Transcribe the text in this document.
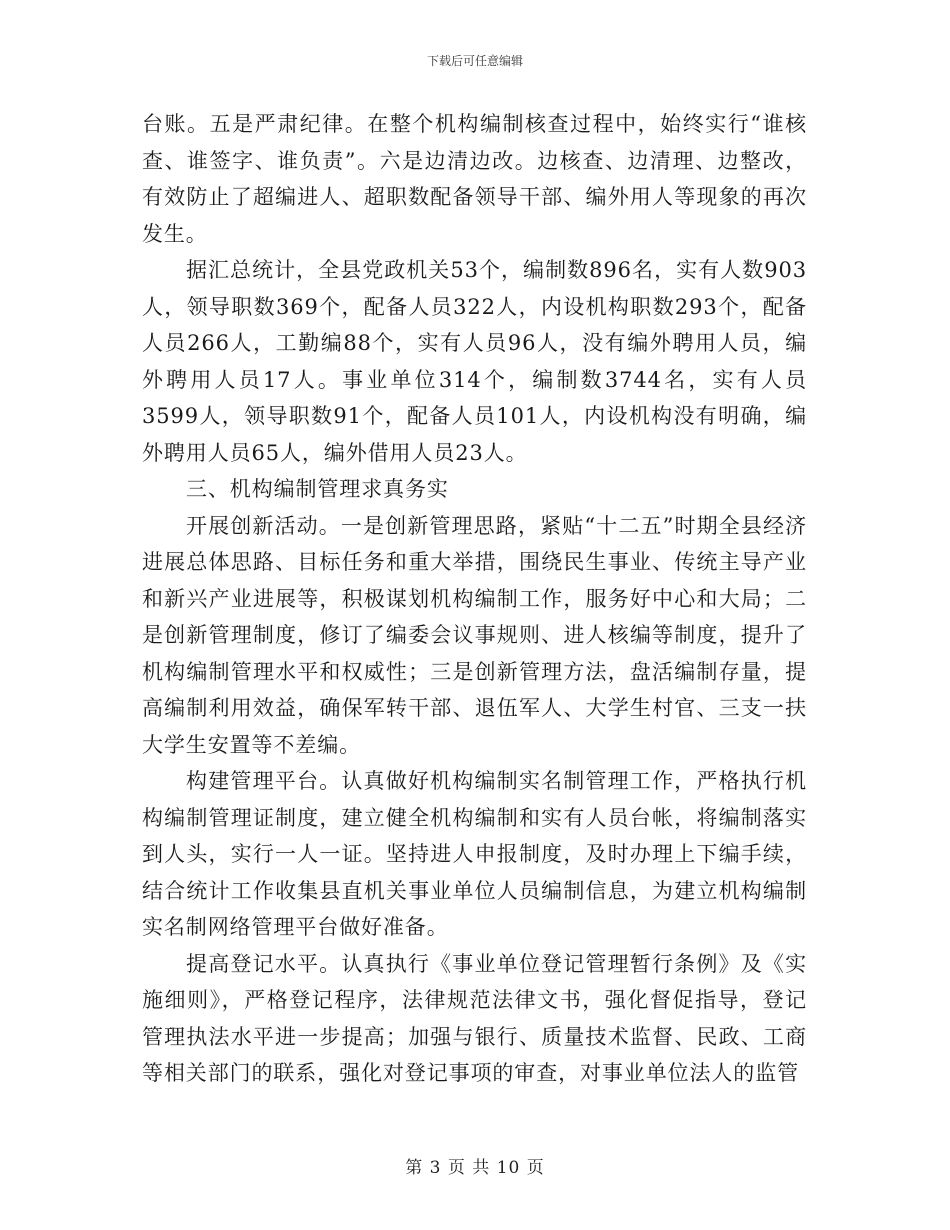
下载后可任意编辑

台账。五是严肃纪律。在整个机构编制核查过程中，始终实行“谁核查、谁签字、谁负责”。六是边清边改。边核查、边清理、边整改，有效防止了超编进人、超职数配备领导干部、编外用人等现象的再次发生。

据汇总统计，全县党政机关53个，编制数896名，实有人数903人，领导职数369个，配备人员322人，内设机构职数293个，配备人员266人，工勤编88个，实有人员96人，没有编外聘用人员，编外聘用人员17人。事业单位314个，编制数3744名，实有人员3599人，领导职数91个，配备人员101人，内设机构没有明确，编外聘用人员65人，编外借用人员23人。

三、机构编制管理求真务实

开展创新活动。一是创新管理思路，紧贴“十二五”时期全县经济进展总体思路、目标任务和重大举措，围绕民生事业、传统主导产业和新兴产业进展等，积极谋划机构编制工作，服务好中心和大局；二是创新管理制度，修订了编委会议事规则、进人核编等制度，提升了机构编制管理水平和权威性；三是创新管理方法，盘活编制存量，提高编制利用效益，确保军转干部、退伍军人、大学生村官、三支一扶大学生安置等不差编。

构建管理平台。认真做好机构编制实名制管理工作，严格执行机构编制管理证制度，建立健全机构编制和实有人员台帐，将编制落实到人头，实行一人一证。坚持进人申报制度，及时办理上下编手续，结合统计工作收集县直机关事业单位人员编制信息，为建立机构编制实名制网络管理平台做好准备。

提高登记水平。认真执行《事业单位登记管理暂行条例》及《实施细则》，严格登记程序，法律规范法律文书，强化督促指导，登记管理执法水平进一步提高；加强与银行、质量技术监督、民政、工商等相关部门的联系，强化对登记事项的审查，对事业单位法人的监管

第 3 页 共 10 页
